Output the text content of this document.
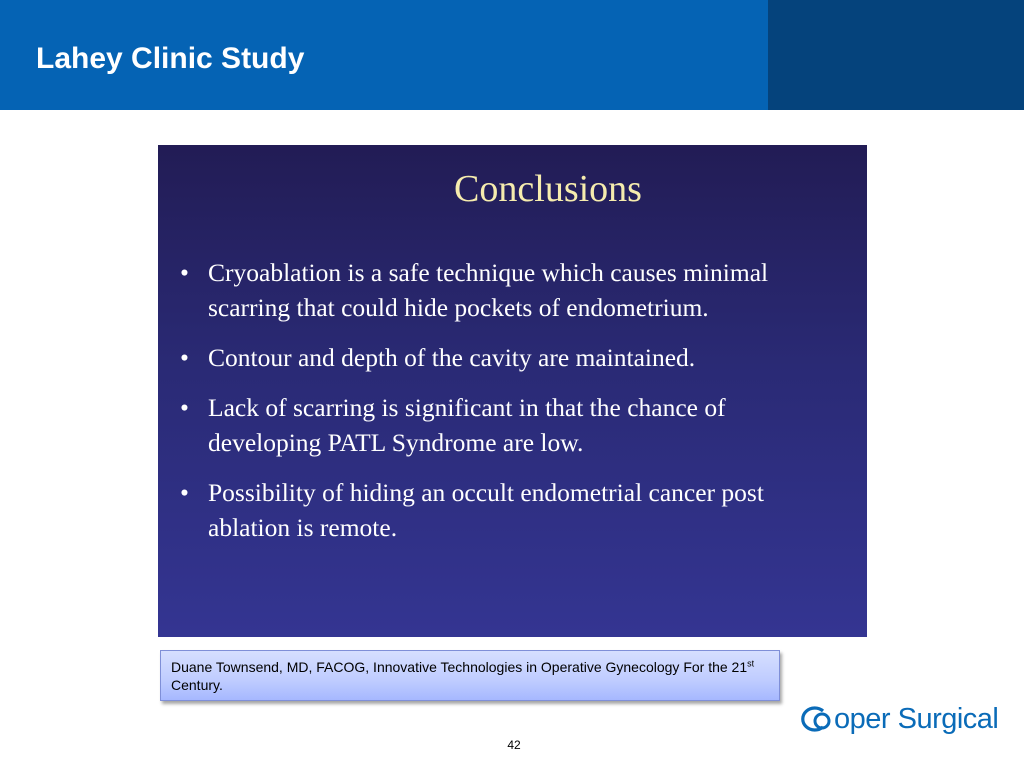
Lahey Clinic Study
Conclusions
• Cryoablation is a safe technique which causes minimal scarring that could hide pockets of endometrium.
• Contour and depth of the cavity are maintained.
• Lack of scarring is significant in that the chance of developing PATL Syndrome are low.
• Possibility of hiding an occult endometrial cancer post ablation is remote.
Duane Townsend, MD, FACOG, Innovative Technologies in Operative Gynecology For the 21st Century.
oper Surgical
42
